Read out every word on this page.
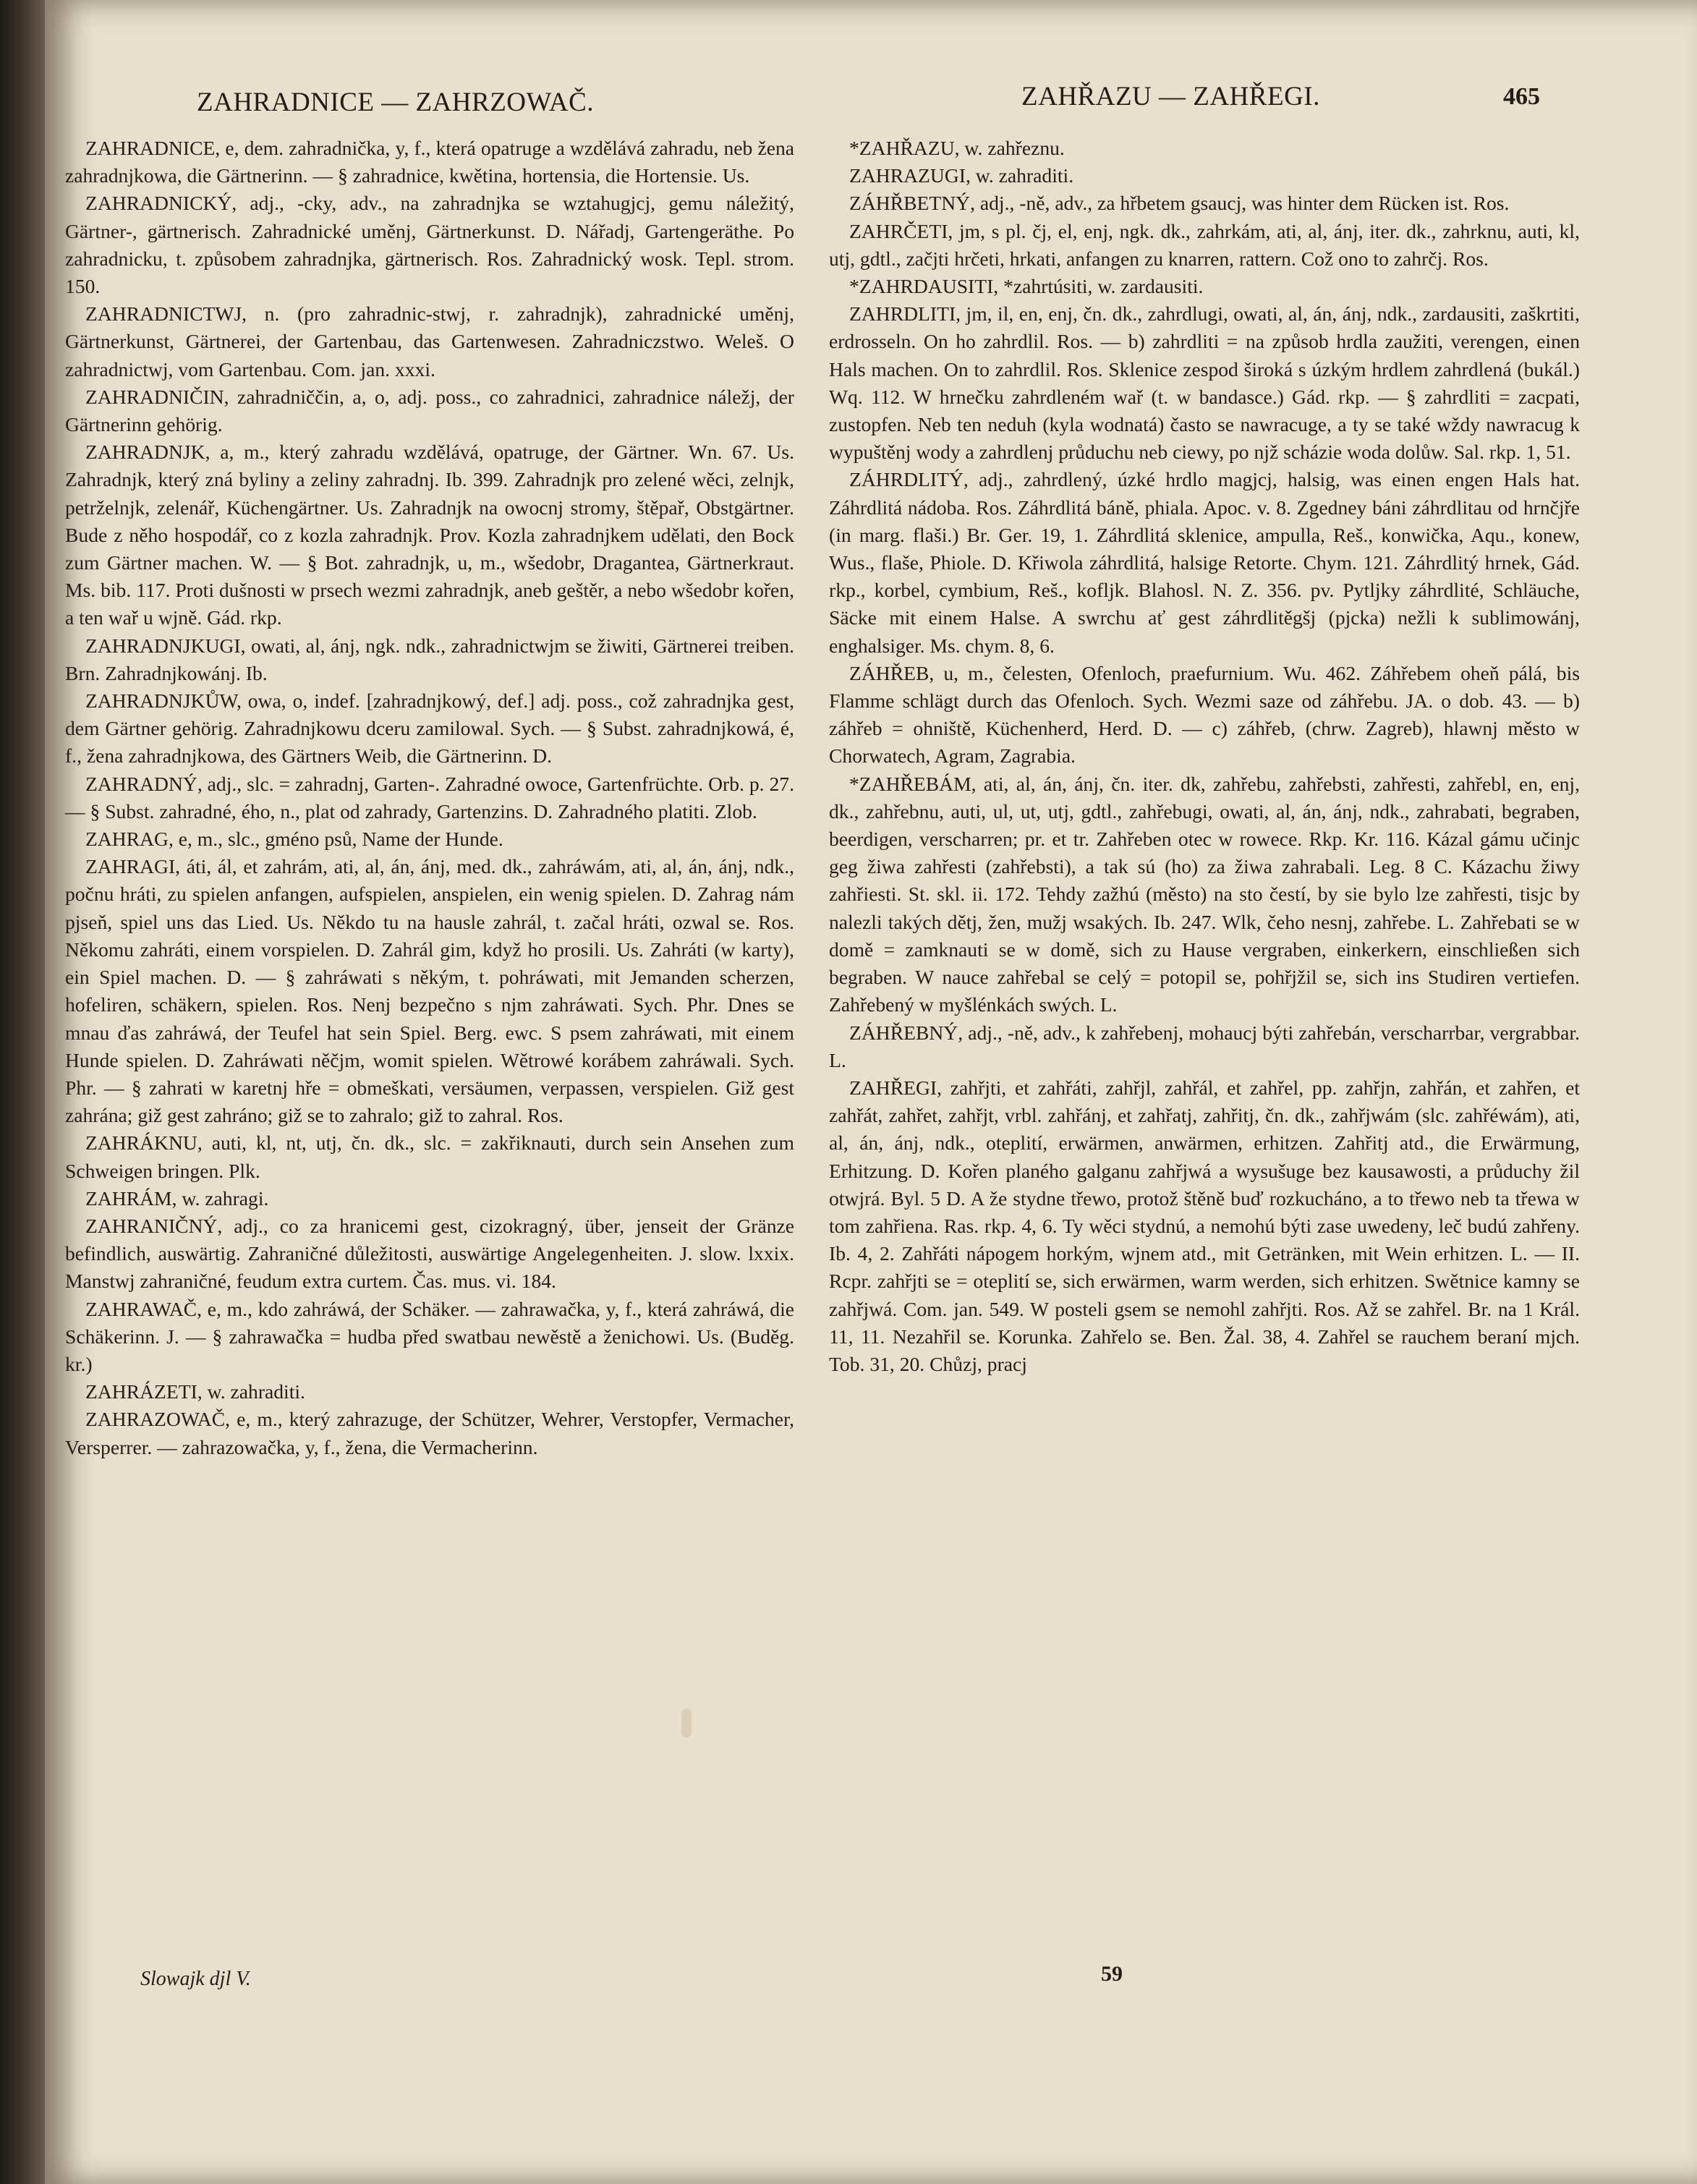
ZAHRADNICE — ZAHRZOWAČ.	ZAHŘAZU — ZAHŘEGI.	465

ZAHRADNICE, e, dem. zahradnička, y, f., která opatruge a wzdělává zahradu, neb žena zahradnjkowa, die Gärtnerinn. — § zahradnice, kwětina, hortensia, die Hortensie. Us.

ZAHRADNICKÝ, adj., -cky, adv., na zahradnjka se wztahugjcj, gemu náležitý, Gärtner-, gärtnerisch. Zahradnické uměnj, Gärtnerkunst. D. Nářadj, Gartengeräthe. Po zahradnicku, t. způsobem zahradnjka, gärtnerisch. Ros. Zahradnický wosk. Tepl. strom. 150.

ZAHRADNICTWJ, n. (pro zahradnic-stwj, r. zahradnjk), zahradnické uměnj, Gärtnerkunst, Gärtnerei, der Gartenbau, das Gartenwesen. Zahradniczstwo. Weleš. O zahradnictwj, vom Gartenbau. Com. jan. xxxi.

ZAHRADNIČIN, zahradniččin, a, o, adj. poss., co zahradnici, zahradnice náležj, der Gärtnerinn gehörig.

ZAHRADNJK, a, m., který zahradu wzdělává, opatruge, der Gärtner. Wn. 67. Us. Zahradnjk, který zná byliny a zeliny zahradnj. Ib. 399. Zahradnjk pro zelené wěci, zelnjk, petrželnjk, zelenář, Küchengärtner. Us. Zahradnjk na owocnj stromy, štěpař, Obstgärtner. Bude z něho hospodář, co z kozla zahradnjk. Prov. Kozla zahradnjkem udělati, den Bock zum Gärtner machen. W. — § Bot. zahradnjk, u, m., wšedobr, Dragantea, Gärtnerkraut. Ms. bib. 117. Proti dušnosti w prsech wezmi zahradnjk, aneb geštěr, a nebo wšedobr kořen, a ten wař u wjně. Gád. rkp.

ZAHRADNJKUGI, owati, al, ánj, ngk. ndk., zahradnictwjm se žiwiti, Gärtnerei treiben. Brn. Zahradnjkowánj. Ib.

ZAHRADNJKŮW, owa, o, indef. [zahradnjkowý, def.] adj. poss., což zahradnjka gest, dem Gärtner gehörig. Zahradnjkowu dceru zamilowal. Sych. — § Subst. zahradnjkowá, é, f., žena zahradnjkowa, des Gärtners Weib, die Gärtnerinn. D.

ZAHRADNÝ, adj., slc. = zahradnj, Garten-. Zahradné owoce, Gartenfrüchte. Orb. p. 27. — § Subst. zahradné, ého, n., plat od zahrady, Gartenzins. D. Zahradného platiti. Zlob.

ZAHRAG, e, m., slc., gméno psů, Name der Hunde.

ZAHRAGI, áti, ál, et zahrám, ati, al, án, ánj, med. dk., zahráwám, ati, al, án, ánj, ndk., počnu hráti, zu spielen anfangen, aufspielen, anspielen, ein wenig spielen. D. Zahrag nám pjseň, spiel uns das Lied. Us. Někdo tu na hausle zahrál, t. začal hráti, ozwal se. Ros. Někomu zahráti, einem vorspielen. D. Zahrál gim, když ho prosili. Us. Zahráti (w karty), ein Spiel machen. D. — § zahráwati s někým, t. pohráwati, mit Jemanden scherzen, hofeliren, schäkern, spielen. Ros. Nenj bezpečno s njm zahráwati. Sych. Phr. Dnes se mnau ďas zahráwá, der Teufel hat sein Spiel. Berg. ewc. S psem zahráwati, mit einem Hunde spielen. D. Zahráwati něčjm, womit spielen. Wětrowé korábem zahráwali. Sych. Phr. — § zahrati w karetnj hře = obmeškati, versäumen, verpassen, verspielen. Giž gest zahrána; giž gest zahráno; giž se to zahralo; giž to zahral. Ros.

ZAHRÁKNU, auti, kl, nt, utj, čn. dk., slc. = zakřiknauti, durch sein Ansehen zum Schweigen bringen. Plk.

ZAHRÁM, w. zahragi.

ZAHRANIČNÝ, adj., co za hranicemi gest, cizokragný, über, jenseit der Gränze befindlich, auswärtig. Zahraničné důležitosti, auswärtige Angelegenheiten. J. slow. lxxix. Manstwj zahraničné, feudum extra curtem. Čas. mus. vi. 184.

ZAHRAWAČ, e, m., kdo zahráwá, der Schäker. — zahrawačka, y, f., která zahráwá, die Schäkerinn. J. — § zahrawačka = hudba před swatbau newěstě a ženichowi. Us. (Buděg. kr.)

ZAHRÁZETI, w. zahraditi.

ZAHRAZOWAČ, e, m., který zahrazuge, der Schützer, Wehrer, Verstopfer, Vermacher, Versperrer. — zahrazowačka, y, f., žena, die Vermacherinn.

*ZAHŘAZU, w. zahřeznu.

ZAHRAZUGI, w. zahraditi.

ZÁHŘBETNÝ, adj., -ně, adv., za hřbetem gsaucj, was hinter dem Rücken ist. Ros.

ZAHRČETI, jm, s pl. čj, el, enj, ngk. dk., zahrkám, ati, al, ánj, iter. dk., zahrknu, auti, kl, utj, gdtl., začjti hrčeti, hrkati, anfangen zu knarren, rattern. Což ono to zahrčj. Ros.

*ZAHRDAUSITI, *zahrtúsiti, w. zardausiti.

ZAHRDLITI, jm, il, en, enj, čn. dk., zahrdlugi, owati, al, án, ánj, ndk., zardausiti, zaškrtiti, erdrosseln. On ho zahrdlil. Ros. — b) zahrdliti = na způsob hrdla zaužiti, verengen, einen Hals machen. On to zahrdlil. Ros. Sklenice zespod široká s úzkým hrdlem zahrdlená (bukál.) Wq. 112. W hrnečku zahrdleném wař (t. w bandasce.) Gád. rkp. — § zahrdliti = zacpati, zustopfen. Neb ten neduh (kyla wodnatá) často se nawracuge, a ty se také wždy nawracug k wypuštěnj wody a zahrdlenj průduchu neb ciewy, po njž scházie woda dolůw. Sal. rkp. 1, 51.

ZÁHRDLITÝ, adj., zahrdlený, úzké hrdlo magjcj, halsig, was einen engen Hals hat. Záhrdlitá nádoba. Ros. Záhrdlitá báně, phiala. Apoc. v. 8. Zgedney báni záhrdlitau od hrnčjře (in marg. flaši.) Br. Ger. 19, 1. Záhrdlitá sklenice, ampulla, Reš., konwička, Aqu., konew, Wus., flaše, Phiole. D. Křiwola záhrdlitá, halsige Retorte. Chym. 121. Záhrdlitý hrnek, Gád. rkp., korbel, cymbium, Reš., kofljk. Blahosl. N. Z. 356. pv. Pytljky záhrdlité, Schläuche, Säcke mit einem Halse. A swrchu ať gest záhrdlitěgšj (pjcka) nežli k sublimowánj, enghalsiger. Ms. chym. 8, 6.

ZÁHŘEB, u, m., čelesten, Ofenloch, praefurnium. Wu. 462. Záhřebem oheň pálá, bis Flamme schlägt durch das Ofenloch. Sych. Wezmi saze od záhřebu. JA. o dob. 43. — b) záhřeb = ohniště, Küchenherd, Herd. D. — c) záhřeb, (chrw. Zagreb), hlawnj město w Chorwatech, Agram, Zagrabia.

*ZAHŘEBÁM, ati, al, án, ánj, čn. iter. dk, zahřebu, zahřebsti, zahřesti, zahřebl, en, enj, dk., zahřebnu, auti, ul, ut, utj, gdtl., zahřebugi, owati, al, án, ánj, ndk., zahrabati, begraben, beerdigen, verscharren; pr. et tr. Zahřeben otec w rowece. Rkp. Kr. 116. Kázal gámu učinjc geg žiwa zahřesti (zahřebsti), a tak sú (ho) za žiwa zahrabali. Leg. 8 C. Kázachu žiwy zahřiesti. St. skl. ii. 172. Tehdy zažhú (město) na sto čestí, by sie bylo lze zahřesti, tisjc by nalezli takých dětj, žen, mužj wsakých. Ib. 247. Wlk, čeho nesnj, zahřebe. L. Zahřebati se w domě = zamknauti se w domě, sich zu Hause vergraben, einkerkern, einschließen sich begraben. W nauce zahřebal se celý = potopil se, pohřjžil se, sich ins Studiren vertiefen. Zahřebený w myšlénkách swých. L.

ZÁHŘEBNÝ, adj., -ně, adv., k zahřebenj, mohaucj býti zahřebán, verscharrbar, vergrabbar. L.

ZAHŘEGI, zahřjti, et zahřáti, zahřjl, zahřál, et zahřel, pp. zahřjn, zahřán, et zahřen, et zahřát, zahřet, zahřjt, vrbl. zahřánj, et zahřatj, zahřitj, čn. dk., zahřjwám (slc. zahřéwám), ati, al, án, ánj, ndk., oteplití, erwärmen, anwärmen, erhitzen. Zahřitj atd., die Erwärmung, Erhitzung. D. Kořen planého galganu zahřjwá a wysušuge bez kausawosti, a průduchy žil otwjrá. Byl. 5 D. A že stydne třewo, protož štěně buď rozkucháno, a to třewo neb ta třewa w tom zahřiena. Ras. rkp. 4, 6. Ty wěci stydnú, a nemohú býti zase uwedeny, leč budú zahřeny. Ib. 4, 2. Zahřáti nápogem horkým, wjnem atd., mit Getränken, mit Wein erhitzen. L. — II. Rcpr. zahřjti se = oteplití se, sich erwärmen, warm werden, sich erhitzen. Swětnice kamny se zahřjwá. Com. jan. 549. W posteli gsem se nemohl zahřjti. Ros. Až se zahřel. Br. na 1 Král. 11, 11. Nezahřil se. Korunka. Zahřelo se. Ben. Žal. 38, 4. Zahřel se rauchem beraní mjch. Tob. 31, 20. Chůzj, pracj

Slowajk djl V.	59
